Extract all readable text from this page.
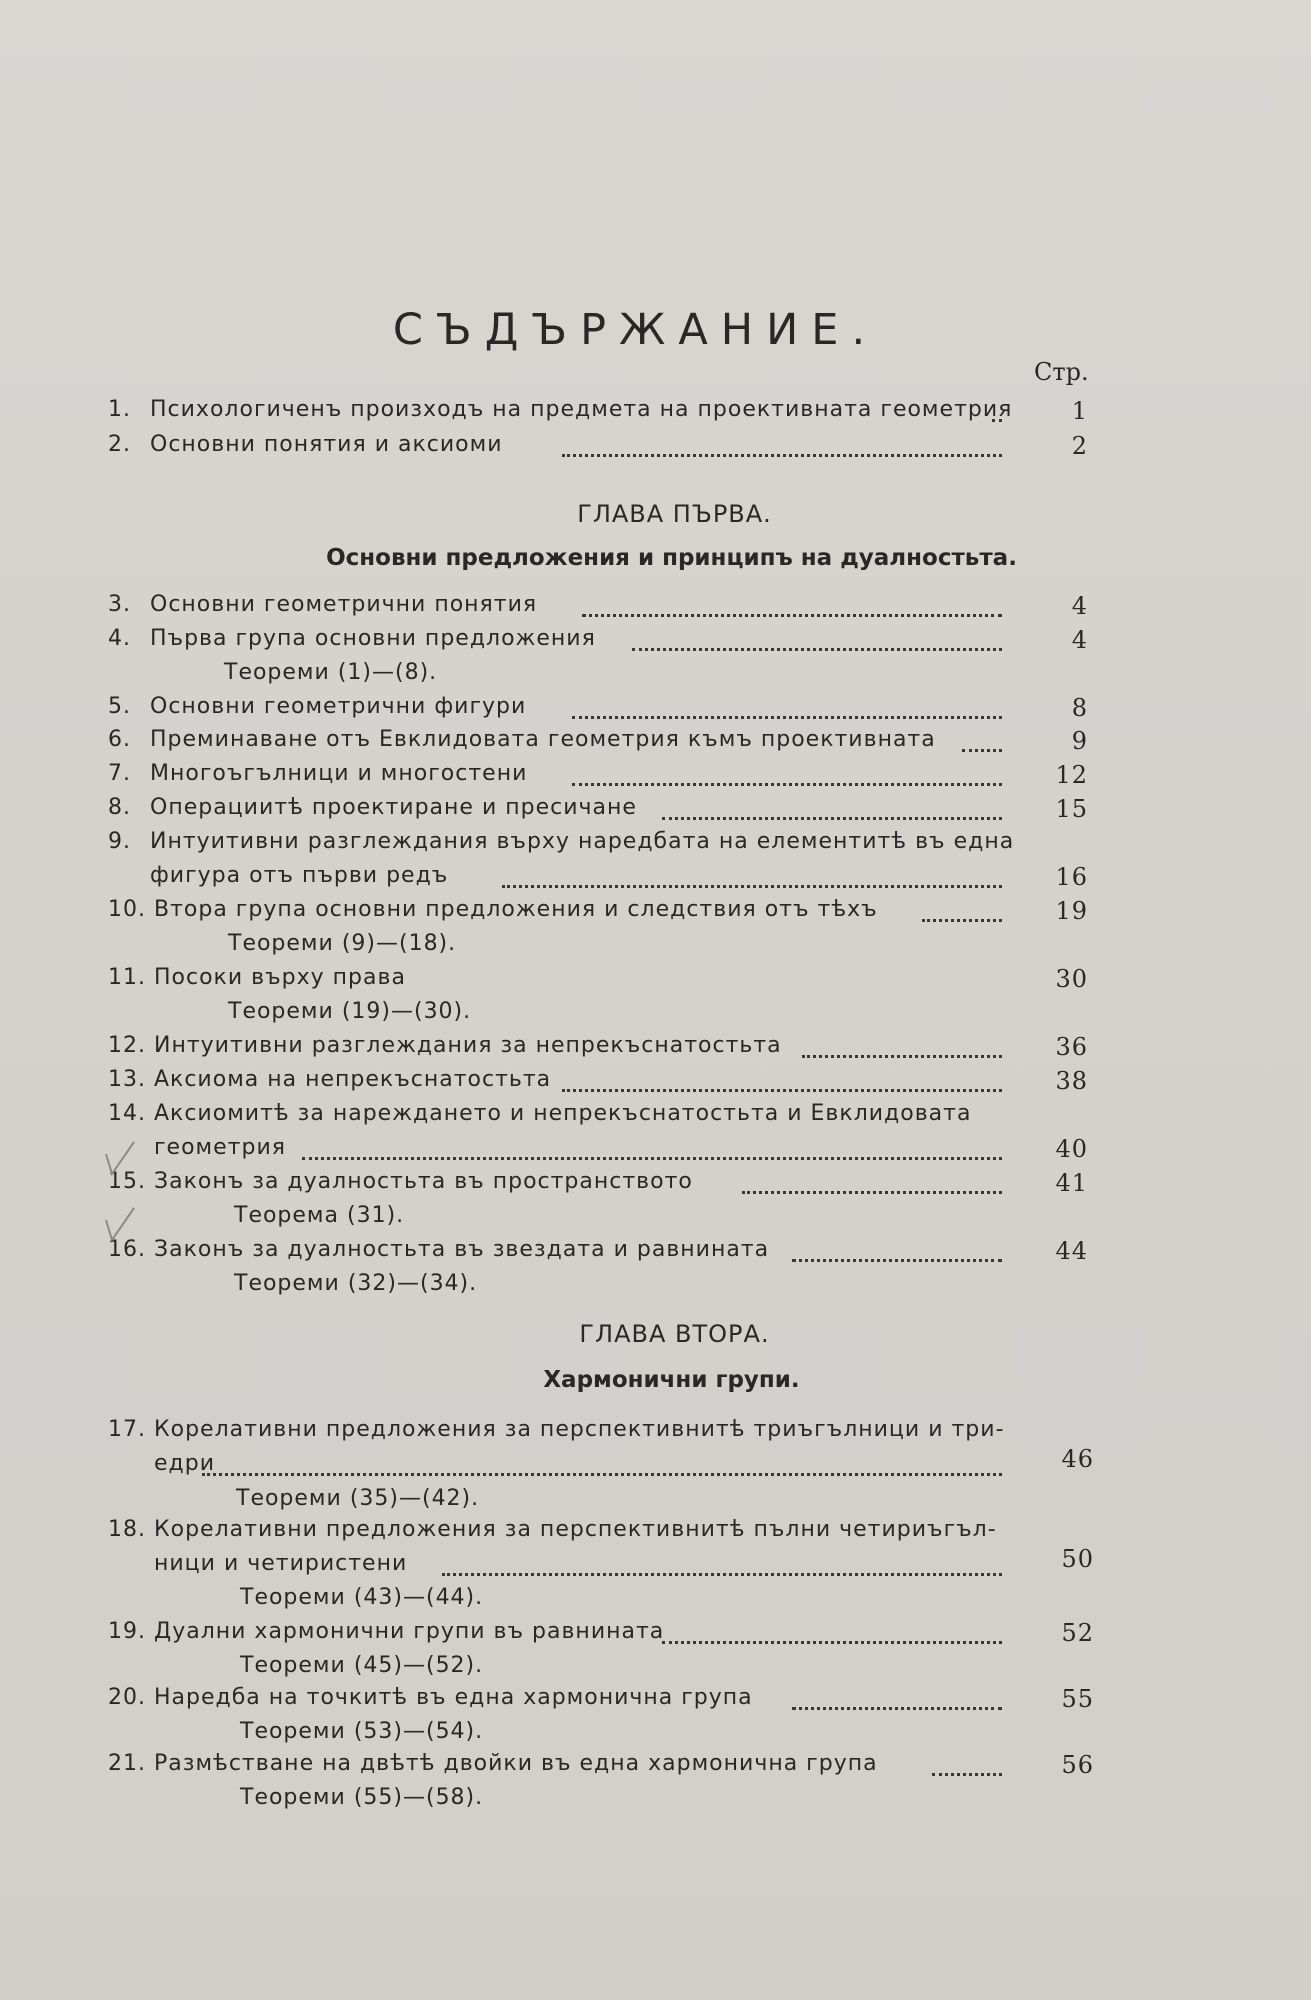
СЪДЪРЖАНИЕ.
Стр.
1. Психологиченъ произходъ на предмета на проективната геометрия	1
2. Основни понятия и аксиоми	2
ГЛАВА ПЪРВА.
Основни предложения и принципъ на дуалностьта.
3. Основни геометрични понятия	4
4. Първа група основни предложения	4
Теореми (1)—(8).
5. Основни геометрични фигури	8
6. Преминаване отъ Евклидовата геометрия къмъ проективната	9
7. Многоъгълници и многостени	12
8. Операциитѣ проектиране и пресичане	15
9. Интуитивни разглеждания върху наредбата на елементитѣ въ една
фигура отъ първи редъ	16
10. Втора група основни предложения и следствия отъ тѣхъ	19
Теореми (9)—(18).
11. Посоки върху права	30
Теореми (19)—(30).
12. Интуитивни разглеждания за непрекъснатостьта	36
13. Аксиома на непрекъснатостьта	38
14. Аксиомитѣ за нареждането и непрекъснатостьта и Евклидовата
геометрия	40
15. Законъ за дуалностьта въ пространството	41
Теорема (31).
16. Законъ за дуалностьта въ звездата и равнината	44
Теореми (32)—(34).
ГЛАВА ВТОРА.
Хармонични групи.
17. Корелативни предложения за перспективнитѣ триъгълници и три-
едри	46
Теореми (35)—(42).
18. Корелативни предложения за перспективнитѣ пълни четириъгъл-
ници и четиристени	50
Теореми (43)—(44).
19. Дуални хармонични групи въ равнината	52
Теореми (45)—(52).
20. Наредба на точкитѣ въ една хармонична група	55
Теореми (53)—(54).
21. Размѣстване на двѣтѣ двойки въ една хармонична група	56
Теореми (55)—(58).
